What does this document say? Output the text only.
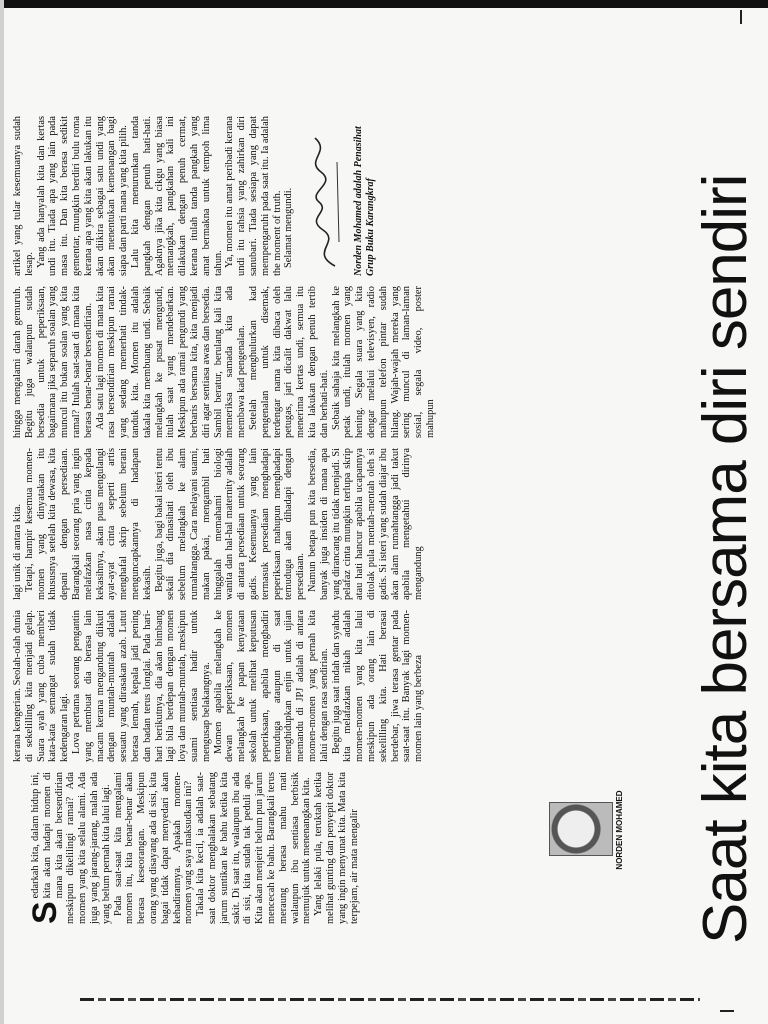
Saat kita bersama diri sendiri

S
edarkah kita, dalam hidup ini, kita akan hadapi momen di mana kita akan bersendirian meskipun dikelilingi ramai? Ada momen yang kita selalu alami. Ada juga yang jarang-jarang, malah ada yang belum pernah kita lalui lagi. Pada saat-saat kita mengalami momen itu, kita benar-benar akan berasa keseorangan. Meskipun orang yang disayang ada di sisi, kita bagai tidak dapat menyedari akan kehadirannya. Apakah momen-momen yang saya maksudkan ini? Takala kita kecil, ia adalah saat-saat doktor menghalakan sebatang jarum suntikan ke bahu ketika kita sakit. Di saat itu, walaupun ibu ada di sisi, kita sudah tak peduli apa. Kita akan menjerit belum pun jarum mencecah ke bahu. Barangkali terus meraung berasa mahu mati walaupun ibu sentiasa berbisik memujuk untuk menenangkan kita. Yang lelaki pula, teruktah ketika melihat gunting dan penyepit doktor yang ingin menyunat kita. Mata kita terpejam, air mata mengalir	NORDEN MOHAMED

kerana kengerian. Seolah-olah dunia di sekelilling kita menjadi gelap. Suara ayah yang cuba memberi kata-kata semangat sudah tidak kedengaran lagi. Lova pertama seorang pengantin yang membuat dia berasa lain macam kerana mengandung diikuti dengan muntah-muntah adalah sesuatu yang dirasakan azab. Lutut berasa lemah, kepala jadi pening dan badan terus longlai. Pada hari-hari berikutnya, dia akan bimbang lagi bila berdepan dengan momen loya dan muntah-muntah, meskipun suami sentiasa hadir untuk mengusap belakangnya. Momen apabila melangkah ke dewan peperiksaan, momen melangkah ke papan kenyataan sekolah untuk melihat keputusan peperiksaan, apabila menghadiri temuduga ataupun di saat menghidupkan enjin untuk ujian memandu di JPJ adalah di antara momen-momen yang pernah kita lalui dengan rasa sendirian. Begitu juga saat indah dan syahdu kita melafazkan nikah adalah momen-momen yang kita lalui meskipun ada orang lain di sekelilling kita. Hati berasai berdebar, jiwa terasa gentar pada saat-saat itu. Banyak lagi momen-momen lain yang berbeza

lagi unik di antara kita. Tetapi, hampir kesemua momen-momen yang dinyatakan itu khususnya setelah kita dewasa, kita depani dengan persediaan. Barangkali seorang pria yang ingin melafazkan nasa cinta kepada kekasihnya, akan puas mengulangi ayat-ayat cinta seperti artis menghafal skrip sebelum berani menguncapkannya di hadapan kekasih. Begitu juga, bagi bakal isteri tentu sekali dia dinasihati oleh ibu sebelum melangkah ke alam rumahtangga. Cara melayani suami, makan pakai, mengambil hati hinggalah memahami biologi wanita dan hal-hal maternity adalah di antara persediaan untuk seorang gadis. Kesemuanya yang lain termasuk persediaan menghadapi peperiksaan mahupun menghadapi temuduga akan dihadapi dengan persediaan. Namun betapa pun kita bersedia, banyak juga insiden di mana apa yang dirancang itu tidak menjadi. Si pelafaz cinta mungkin terlupa skrip atau hati hancur apabila ucapannya ditolak pula mentah-mentah oleh si gadis. Si isteri yang sudah diajar ibu akan alam rumahtangga jadi takut apabila mengetahui dirinya mengandung

hingga mengalami darah gemuruh. Begitu juga walaupun sudah bersedia untuk peperiksaan, bagaimana jika separuh soalan yang muncul itu bukan soalan yang kita ramal? Itulah saat-saat di mana kita berasa benar-benar bersendirian. Ada satu lagi momen di mana kita rasa bersendirian meskipun ramai yang sedang memerhati tindak-tanduk kita. Momen itu adalah takala kita membuang undi. Sebaik melangkah ke pusat mengundi, itulah saat yang mendebarkan. Meskipun ada ramai pengundi yang berbaris bersama kita, kita menjadi diri agar sentiasa awas dan bersedia. Sambil beratur, berulang kali kita memeriksa samada kita ada membawa kad pengenalan. Setelah menghulurkan kad pengenalan untuk disemak, terdengar nama kita dibaca oleh petugas, jari dicalit dakwat lalu menerima kertas undi, semua itu kita lakukan dengan penuh tertib dan berhati-hati. Sebaik sahaja kita melangkah ke petak undi, itulah momen yang hening. Segala suara yang kita dengar melalui televisyen, radio mahupun telefon pintar sudah hilang. Wajah-wajah mereka yang sering muncul di laman-laman sosial, segala video, poster mahupun

artikel yang tular kesemuanya sudah lesap. Yang ada hanyalah kita dan kertas undi itu. Tiada apa yang lain pada masa itu. Dan kita berasa sedikit gementar, mungkin berdiri bulu roma kerana apa yang kita akan lakukan itu akan diikira sebagai satu undi yang akan menentukan kemenangan bagi siapa dan parti mana yang kita pilih. Lalu kita menurunkan tanda pangkah dengan penuh hati-hati. Agaknya jika kita cikgu yang biasa memangkah, pangkahan kali ini dilakukan dengan penuh cermat, kerana itulah tanda pangkah yang amat bermakna untuk tempoh lima tahun. Ya, momen itu amat peribadi kerana undi itu rahsia yang zahirkan diri sanubari. Tiada sesiapa yang dapat mempengaruhi pada saat itu. Ia adalah the moment of truth. Selamat mengundi.	Norden Mohamed adalah Penasihat Grup Buku Karangkraf
